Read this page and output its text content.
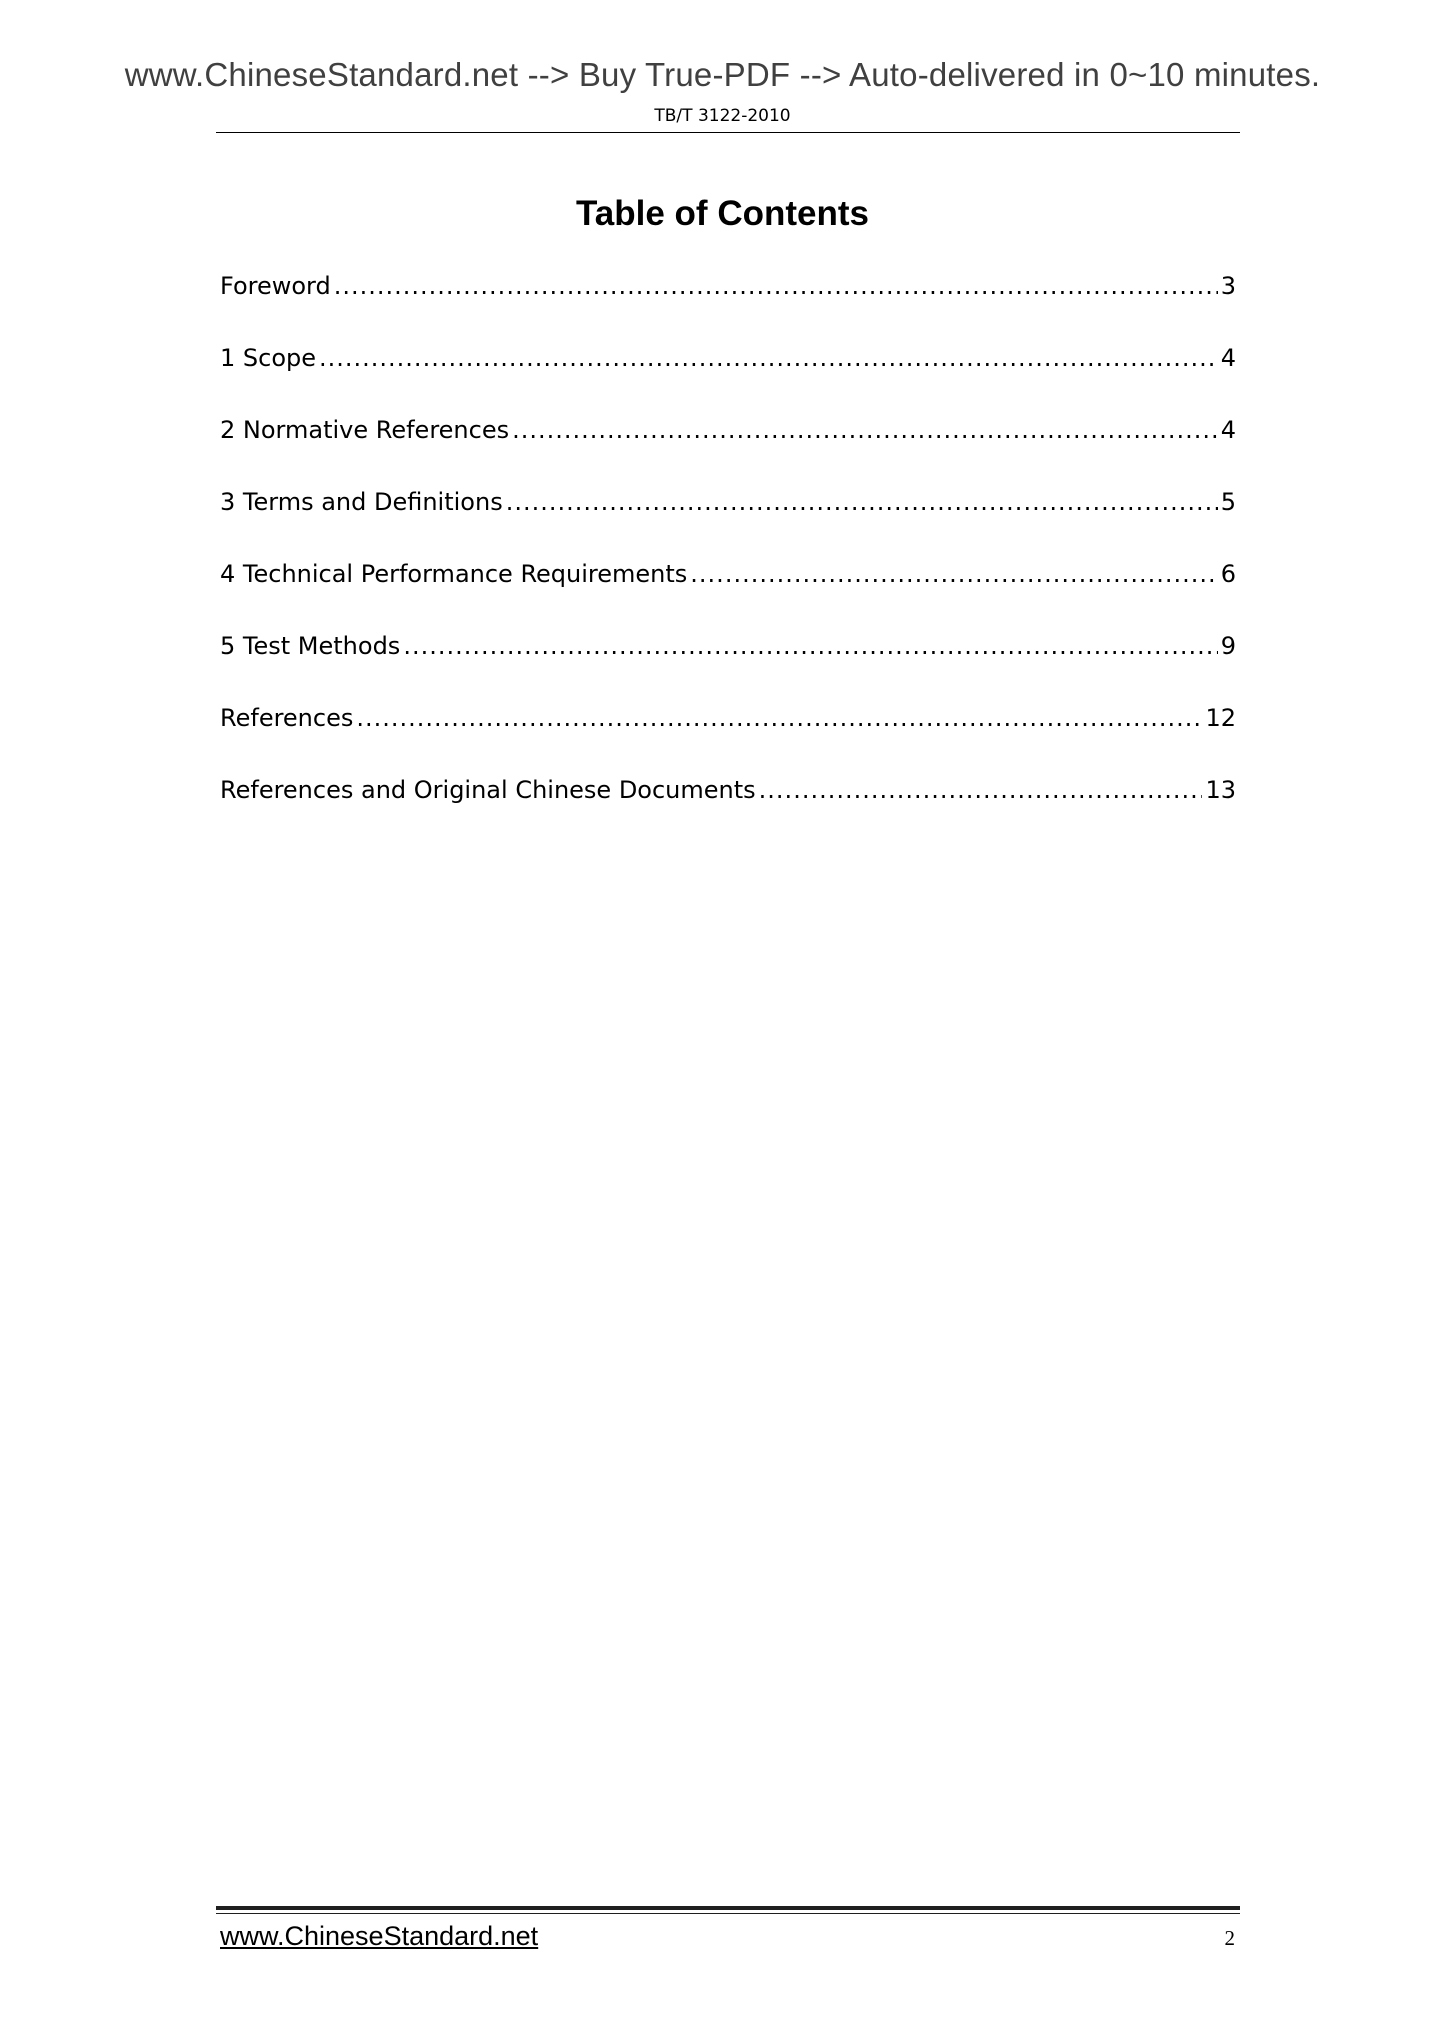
www.ChineseStandard.net --> Buy True-PDF --> Auto-delivered in 0~10 minutes.
TB/T 3122-2010
Table of Contents
Foreword .....	3
1 Scope .....	4
2 Normative References .....	4
3 Terms and Definitions .....	5
4 Technical Performance Requirements .....	6
5 Test Methods .....	9
References .....	12
References and Original Chinese Documents .....	13
www.ChineseStandard.net	2
